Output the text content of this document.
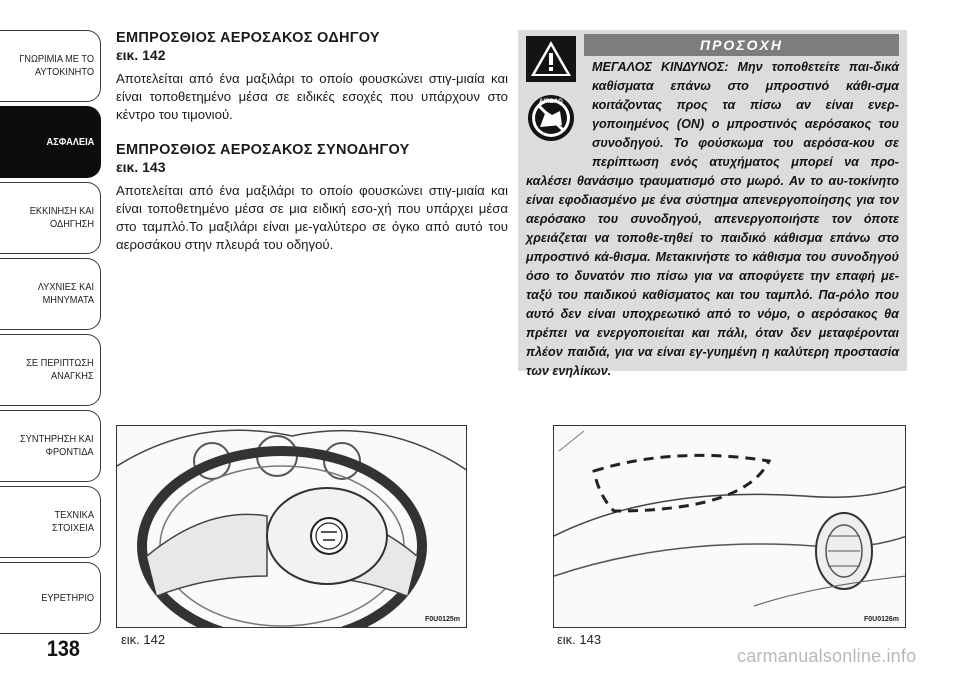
ΓΝΩΡΙΜΙΑ ΜΕ ΤΟ
ΑΥΤΟΚΙΝΗΤΟ
ΑΣΦΑΛΕΙΑ
ΕΚΚΙΝΗΣΗ ΚΑΙ
ΟΔΗΓΗΣΗ
ΛΥΧΝΙΕΣ ΚΑΙ
ΜΗΝΥΜΑΤΑ
ΣΕ ΠΕΡΙΠΤΩΣΗ
ΑΝΑΓΚΗΣ
ΣΥΝΤΗΡΗΣΗ ΚΑΙ
ΦΡΟΝΤΙΔΑ
ΤΕΧΝΙΚΑ ΣΤΟΙΧΕΙΑ
ΕΥΡΕΤΗΡΙΟ
138
ΕΜΠΡΟΣΘΙΟΣ ΑΕΡΟΣΑΚΟΣ ΟΔΗΓΟΥ
εικ. 142

Αποτελείται από ένα μαξιλάρι το οποίο φουσκώνει στιγ-μιαία και είναι τοποθετημένο μέσα σε ειδικές εσοχές που υπάρχουν στο κέντρο του τιμονιού.

ΕΜΠΡΟΣΘΙΟΣ ΑΕΡΟΣΑΚΟΣ ΣΥΝΟΔΗΓΟΥ
εικ. 143

Αποτελείται από ένα μαξιλάρι το οποίο φουσκώνει στιγ-μιαία και είναι τοποθετημένο μέσα σε μια ειδική εσο-χή που υπάρχει μέσα στο ταμπλό.Το μαξιλάρι είναι με-γαλύτερο σε όγκο από αυτό του αεροσάκου στην πλευρά του οδηγού.

AIRBAG
ΠΡΟΣΟΧΗ
ΜΕΓΑΛΟΣ ΚΙΝΔΥΝΟΣ: Μην τοποθετείτε παι-δικά καθίσματα επάνω στο μπροστινό κάθι-σμα κοιτάζοντας προς τα πίσω αν είναι ενερ-γοποιημένος (ON) ο μπροστινός αερόσακος του συνοδηγού. Το φούσκωμα του αερόσα-κου σε περίπτωση ενός ατυχήματος μπορεί να προ-καλέσει θανάσιμο τραυματισμό στο μωρό. Αν το αυ-τοκίνητο είναι εφοδιασμένο με ένα σύστημα απενεργοποίησης για τον αερόσακο του συνοδηγού, απενεργοποιήστε τον όποτε χρειάζεται να τοποθε-τηθεί το παιδικό κάθισμα επάνω στο μπροστινό κά-θισμα. Μετακινήστε το κάθισμα του συνοδηγού όσο το δυνατόν πιο πίσω για να αποφύγετε την επαφή με-ταξύ του παιδικού καθίσματος και του ταμπλό. Πα-ρόλο που αυτό δεν είναι υποχρεωτικό από το νόμο, ο αερόσακος θα πρέπει να ενεργοποιείται και πάλι, όταν δεν μεταφέρονται πλέον παιδιά, για να είναι εγ-γυημένη η καλύτερη προστασία των ενηλίκων.
F0U0125m
εικ. 142
F0U0126m
εικ. 143
carmanualsonline.info
